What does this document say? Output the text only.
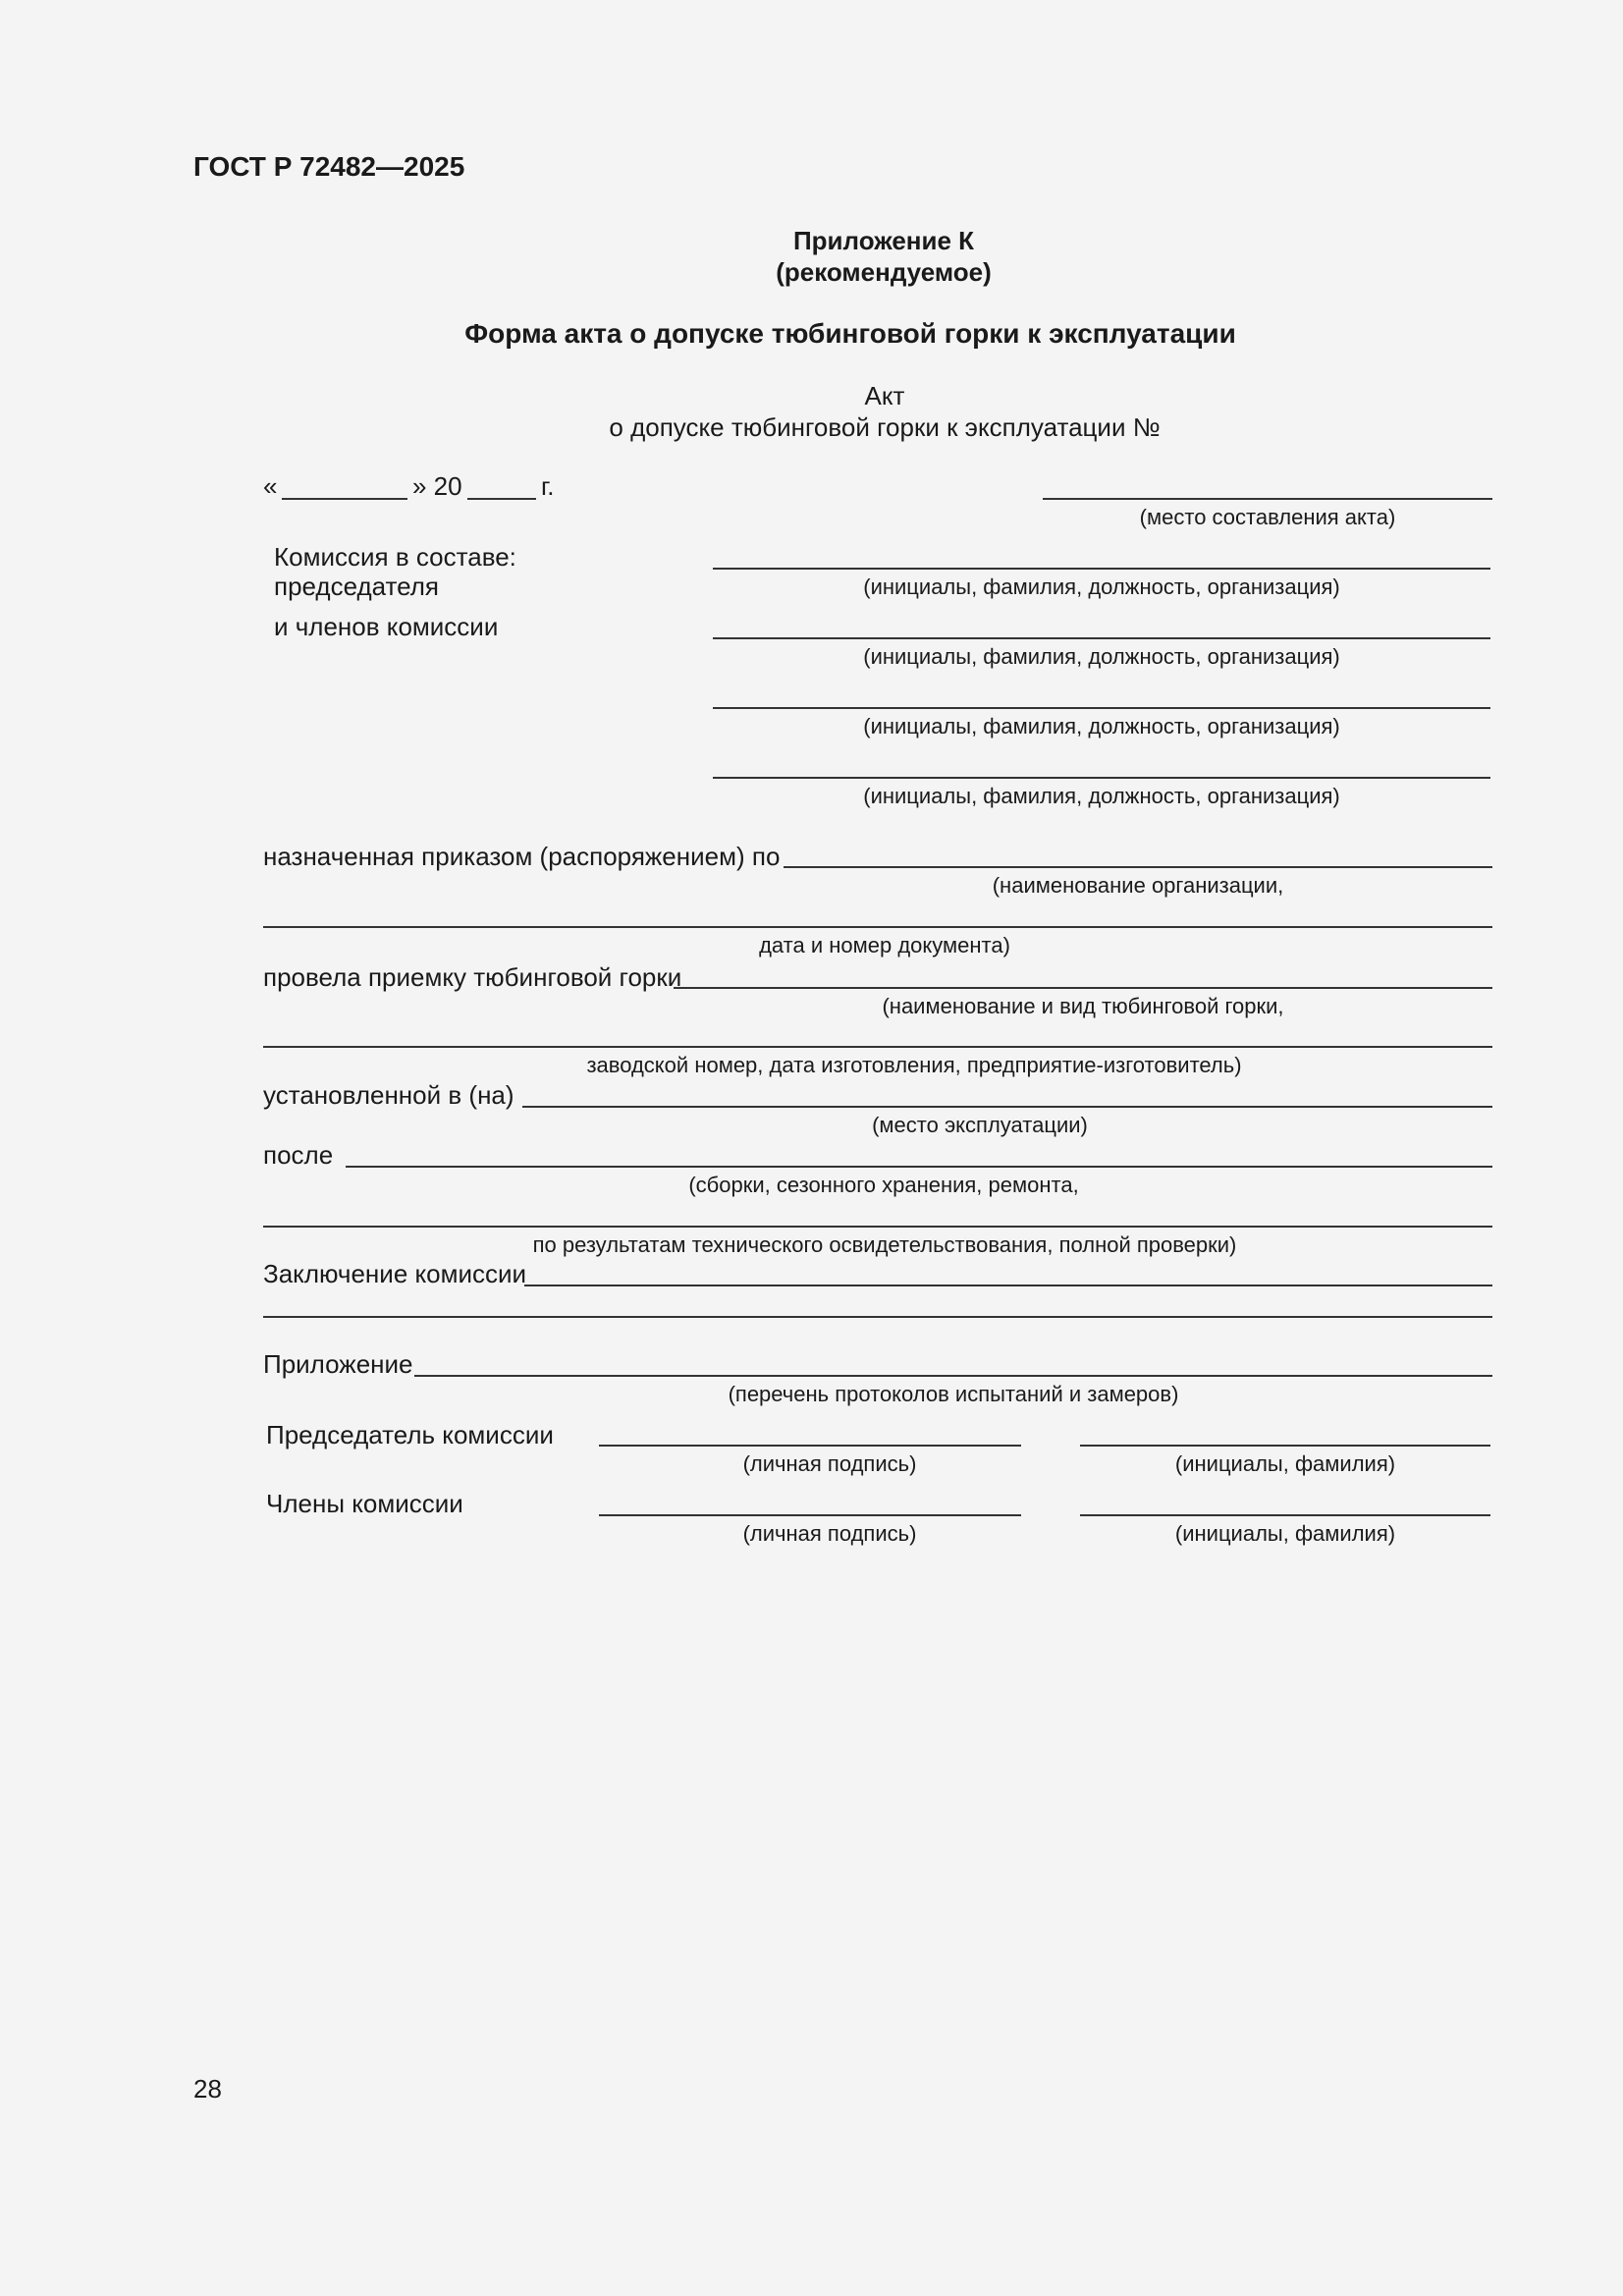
ГОСТ Р 72482—2025
Приложение К
(рекомендуемое)
Форма акта о допуске тюбинговой горки к эксплуатации
Акт
о допуске тюбинговой горки к эксплуатации №
«	» 20	г.
(место составления акта)
Комиссия в составе:
председателя	(инициалы, фамилия, должность, организация)
и членов комиссии
(инициалы, фамилия, должность, организация)
(инициалы, фамилия, должность, организация)
(инициалы, фамилия, должность, организация)
назначенная приказом (распоряжением) по
(наименование организации,
дата и номер документа)
провела приемку тюбинговой горки
(наименование и вид тюбинговой горки,
заводской номер, дата изготовления, предприятие-изготовитель)
установленной в (на)
(место эксплуатации)
после
(сборки, сезонного хранения, ремонта,
по результатам технического освидетельствования, полной проверки)
Заключение комиссии
Приложение
(перечень протоколов испытаний и замеров)
Председатель комиссии
(личная подпись)	(инициалы, фамилия)
Члены комиссии
(личная подпись)	(инициалы, фамилия)
28
